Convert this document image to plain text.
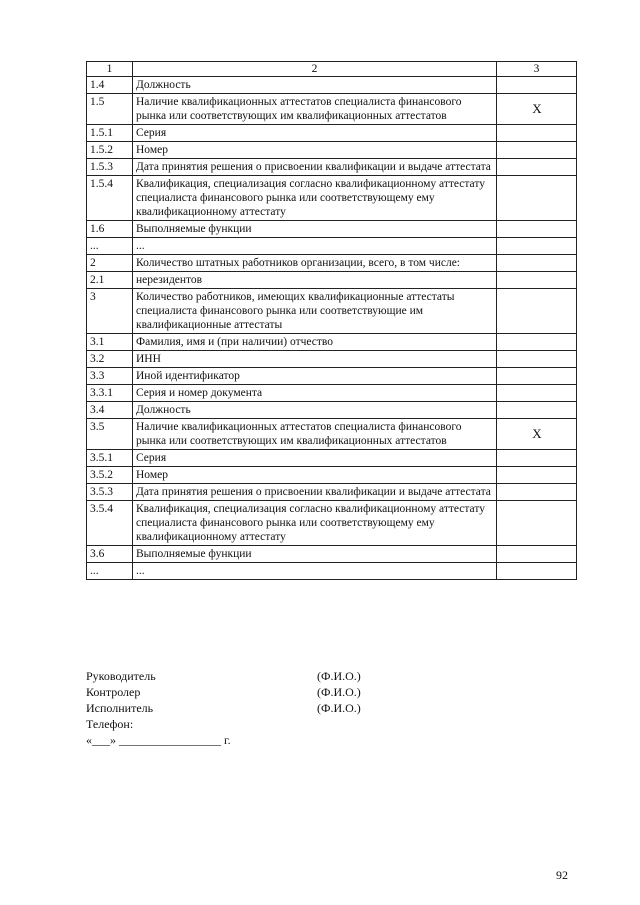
1	2	3
1.4	Должность	
1.5	Наличие квалификационных аттестатов специалиста финансового рынка или соответствующих им квалификационных аттестатов	X
1.5.1	Серия	
1.5.2	Номер	
1.5.3	Дата принятия решения о присвоении квалификации и выдаче аттестата	
1.5.4	Квалификация, специализация согласно квалификационному аттестату специалиста финансового рынка или соответствующему ему квалификационному аттестату	
1.6	Выполняемые функции	
...	...	
2	Количество штатных работников организации, всего, в том числе:	
2.1	нерезидентов	
3	Количество работников, имеющих квалификационные аттестаты специалиста финансового рынка или соответствующие им квалификационные аттестаты	
3.1	Фамилия, имя и (при наличии) отчество	
3.2	ИНН	
3.3	Иной идентификатор	
3.3.1	Серия и номер документа	
3.4	Должность	
3.5	Наличие квалификационных аттестатов специалиста финансового рынка или соответствующих им квалификационных аттестатов	X
3.5.1	Серия	
3.5.2	Номер	
3.5.3	Дата принятия решения о присвоении квалификации и выдаче аттестата	
3.5.4	Квалификация, специализация согласно квалификационному аттестату специалиста финансового рынка или соответствующему ему квалификационному аттестату	
3.6	Выполняемые функции	
...	...	
Руководитель	(Ф.И.О.)
Контролер	(Ф.И.О.)
Исполнитель	(Ф.И.О.)
Телефон:
«___» _________________ г.
92
